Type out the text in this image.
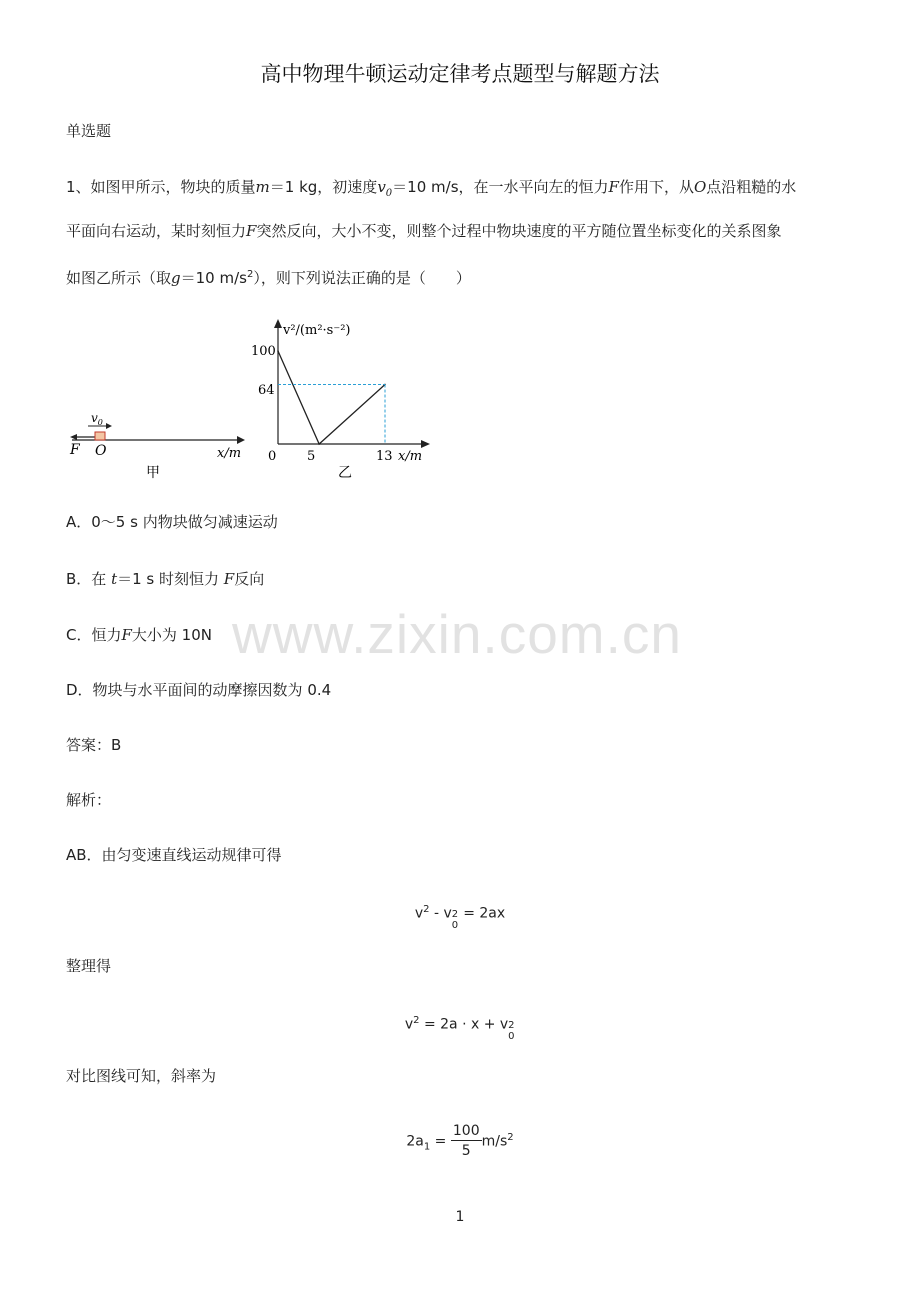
高中物理牛顿运动定律考点题型与解题方法
单选题
1、如图甲所示，物块的质量m＝1 kg，初速度$v_0=10$ m/s，在一水平向左的恒力F作用下，从O点沿粗糙的水
平面向右运动，某时刻恒力F突然反向，大小不变，则整个过程中物块速度的平方随位置坐标变化的关系图象
如图乙所示（取g＝10 $m/s^2$），则下列说法正确的是（　　）
$v_0$
F O	x/m
甲
v²/(m²·s⁻²)
100
64
0 5	13 x/m
乙
A．0～5 s 内物块做匀减速运动
B．在 t＝1 s 时刻恒力 F反向
C．恒力F大小为 10N www.zixin.com.cn
D．物块与水平面间的动摩擦因数为 0.4
答案：B
解析：
AB．由匀变速直线运动规律可得
$v^2$ - v 2
0
= 2ax
整理得
$v^2 = 2a \cdot x + v$ 2
0
对比图线可知，斜率为
$2a_1 = \frac{100}{5} m/s^2$
1
